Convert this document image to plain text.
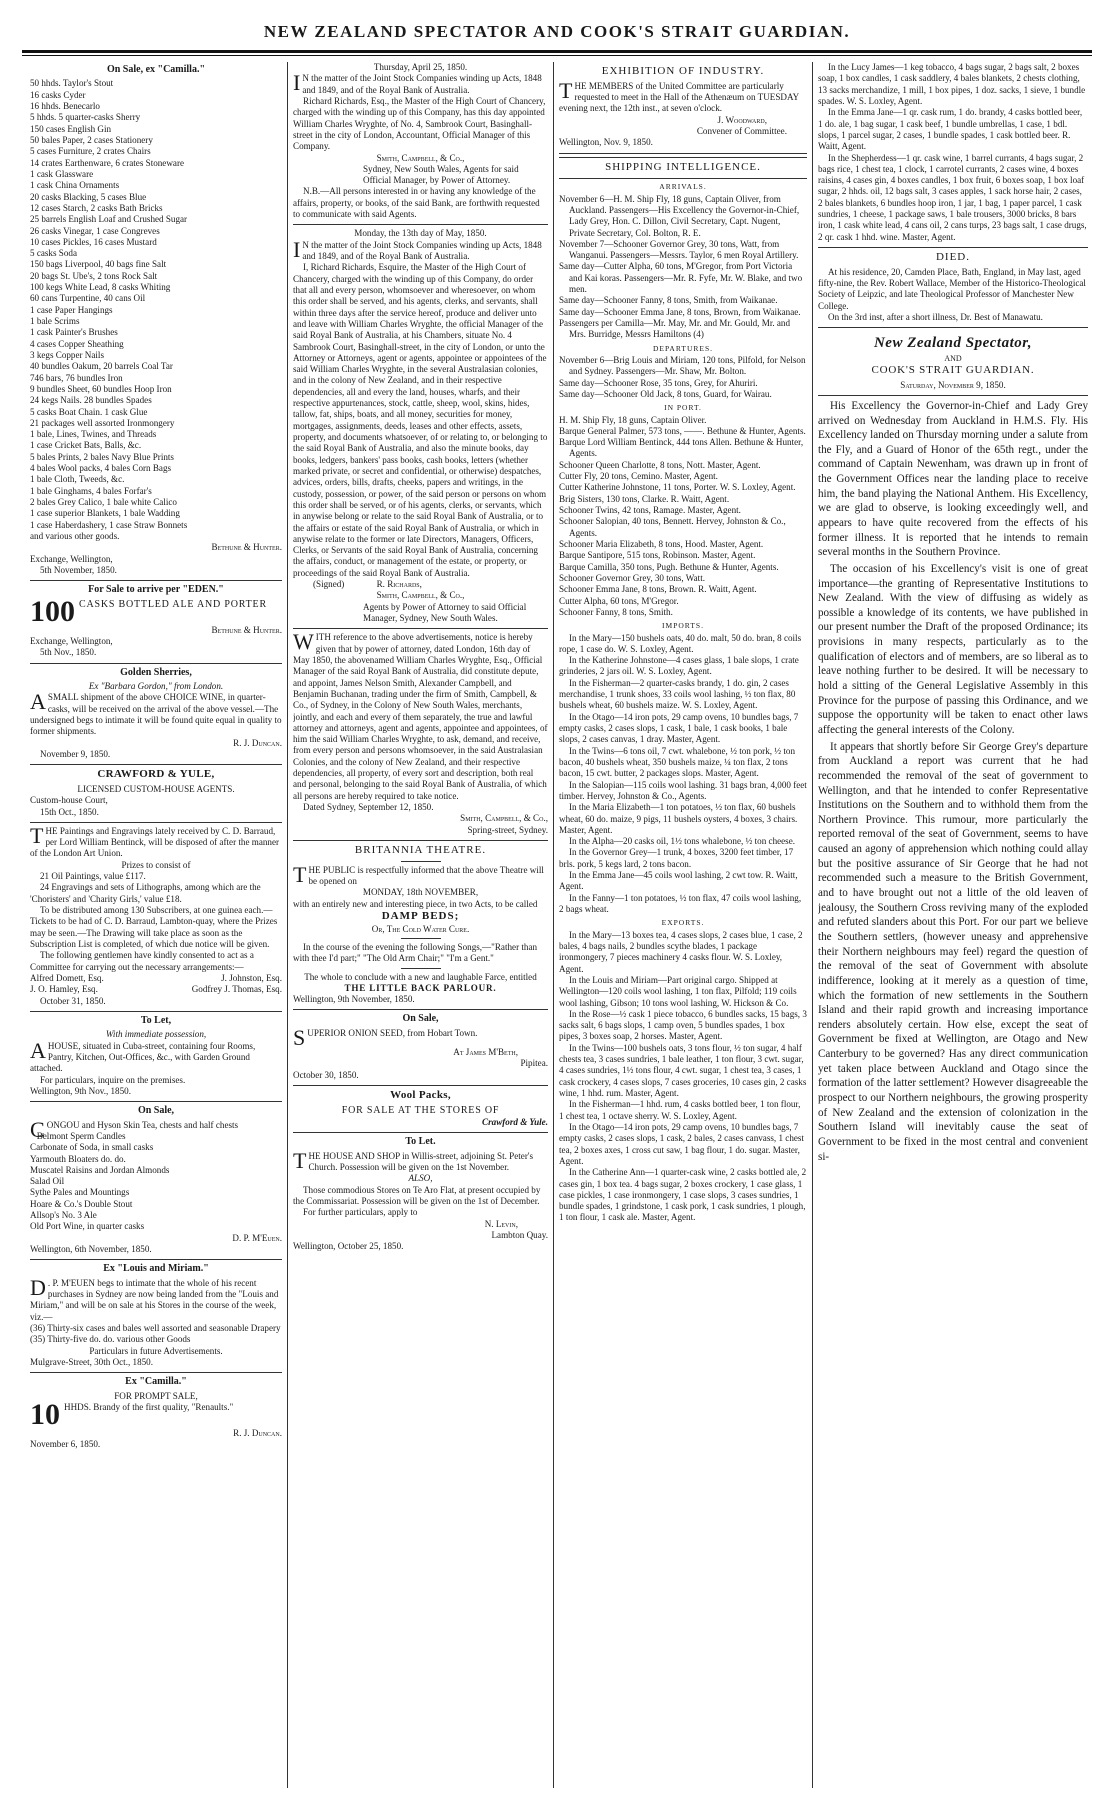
NEW ZEALAND SPECTATOR AND COOK'S STRAIT GUARDIAN.
On Sale, ex "Camilla."

50 hhds. Taylor's Stout

16 casks Cyder

16 hhds. Benecarlo

5 hhds. 5 quarter-casks Sherry

150 cases English Gin

50 bales Paper, 2 cases Stationery

5 cases Furniture, 2 crates Chairs

14 crates Earthenware, 6 crates Stoneware

1 cask Glassware

1 cask China Ornaments

20 casks Blacking, 5 cases Blue

12 cases Starch, 2 casks Bath Bricks

25 barrels English Loaf and Crushed Sugar

26 casks Vinegar, 1 case Congreves

10 cases Pickles, 16 cases Mustard

5 casks Soda

150 bags Liverpool, 40 bags fine Salt

20 bags St. Ube's, 2 tons Rock Salt

100 kegs White Lead, 8 casks Whiting

60 cans Turpentine, 40 cans Oil

1 case Paper Hangings

1 bale Scrims

1 cask Painter's Brushes

4 cases Copper Sheathing

3 kegs Copper Nails

40 bundles Oakum, 20 barrels Coal Tar

746 bars, 76 bundles Iron

9 bundles Sheet, 60 bundles Hoop Iron

24 kegs Nails. 28 bundles Spades

5 casks Boat Chain. 1 cask Glue

21 packages well assorted Ironmongery

1 bale, Lines, Twines, and Threads

1 case Cricket Bats, Balls, &c.

5 bales Prints, 2 bales Navy Blue Prints

4 bales Wool packs, 4 bales Corn Bags

1 bale Cloth, Tweeds, &c.

1 bale Ginghams, 4 bales Forfar's

2 bales Grey Calico, 1 bale white Calico

1 case superior Blankets, 1 bale Wadding

1 case Haberdashery, 1 case Straw Bonnets

and various other goods.

Bethune & Hunter.

Exchange, Wellington,

5th November, 1850.

For Sale to arrive per "EDEN."
100 CASKS BOTTLED ALE AND PORTER

Bethune & Hunter.

Exchange, Wellington,

5th Nov., 1850.

Golden Sherries,

Ex "Barbara Gordon," from London.

ASMALL shipment of the above CHOICE WINE, in quarter-casks, will be received on the arrival of the above vessel.—The undersigned begs to intimate it will be found quite equal in quality to former shipments.

R. J. Duncan.

November 9, 1850.

CRAWFORD & YULE,

LICENSED CUSTOM-HOUSE AGENTS.

Custom-house Court,

15th Oct., 1850.

THE Paintings and Engravings lately received by C. D. Barraud, per Lord William Bentinck, will be disposed of after the manner of the London Art Union.

Prizes to consist of

21 Oil Paintings, value £117.

24 Engravings and sets of Lithographs, among which are the 'Choristers' and 'Charity Girls,' value £18.

To be distributed among 130 Subscribers, at one guinea each.—Tickets to be had of C. D. Barraud, Lambton-quay, where the Prizes may be seen.—The Drawing will take place as soon as the Subscription List is completed, of which due notice will be given.

The following gentlemen have kindly consented to act as a Committee for carrying out the necessary arrangements:—

Alfred Domett, Esq.	J. Johnston, Esq.
J. O. Hamley, Esq.	Godfrey J. Thomas, Esq.

October 31, 1850.

To Let,

With immediate possession,

AHOUSE, situated in Cuba-street, containing four Rooms, Pantry, Kitchen, Out-Offices, &c., with Garden Ground attached.

For particulars, inquire on the premises.

Wellington, 9th Nov., 1850.

On Sale,

CONGOU and Hyson Skin Tea, chests and half chests

Belmont Sperm Candles

Carbonate of Soda, in small casks

Yarmouth Bloaters do. do.

Muscatel Raisins and Jordan Almonds

Salad Oil

Sythe Pales and Mountings

Hoare & Co.'s Double Stout

Allsop's No. 3 Ale

Old Port Wine, in quarter casks

D. P. M'Euen.

Wellington, 6th November, 1850.

Ex "Louis and Miriam."

D . P. M'EUEN begs to intimate that the whole of his recent purchases in Sydney are now being landed from the "Louis and Miriam," and will be on sale at his Stores in the course of the week, viz.—

(36) Thirty-six cases and bales well assorted and seasonable Drapery

(35) Thirty-five do. do. various other Goods

Particulars in future Advertisements.

Mulgrave-Street, 30th Oct., 1850.

Ex "Camilla."

FOR PROMPT SALE,

10 HHDS. Brandy of the first quality, "Renaults."

R. J. Duncan.

November 6, 1850.

Thursday, April 25, 1850.

I N the matter of the Joint Stock Companies winding up Acts, 1848 and 1849, and of the Royal Bank of Australia.

Richard Richards, Esq., the Master of the High Court of Chancery, charged with the winding up of this Company, has this day appointed William Charles Wryghte, of No. 4, Sambrook Court, Basinghall-street in the city of London, Accountant, Official Manager of this Company.

Smith, Campbell, & Co.,

Sydney, New South Wales, Agents for said Official Manager, by Power of Attorney.

N.B.—All persons interested in or having any knowledge of the affairs, property, or books, of the said Bank, are forthwith requested to communicate with said Agents.

Monday, the 13th day of May, 1850.

I N the matter of the Joint Stock Companies winding up Acts, 1848 and 1849, and of the Royal Bank of Australia.

I, Richard Richards, Esquire, the Master of the High Court of Chancery, charged with the winding up of this Company, do order that all and every person, whomsoever and wheresoever, on whom this order shall be served, and his agents, clerks, and servants, shall within three days after the service hereof, produce and deliver unto and leave with William Charles Wryghte, the official Manager of the said Royal Bank of Australia, at his Chambers, situate No. 4 Sambrook Court, Basinghall-street, in the city of London, or unto the Attorney or Attorneys, agent or agents, appointee or appointees of the said William Charles Wryghte, in the several Australasian colonies, and in the colony of New Zealand, and in their respective dependencies, all and every the land, houses, wharfs, and their respective appurtenances, stock, cattle, sheep, wool, skins, hides, tallow, fat, ships, boats, and all money, securities for money, mortgages, assignments, deeds, leases and other effects, assets, property, and documents whatsoever, of or relating to, or belonging to the said Royal Bank of Australia, and also the minute books, day books, ledgers, bankers' pass books, cash books, letters (whether marked private, or secret and confidential, or otherwise) despatches, advices, orders, bills, drafts, cheeks, papers and writings, in the custody, possession, or power, of the said person or persons on whom this order shall be served, or of his agents, clerks, or servants, which in anywise belong or relate to the said Royal Bank of Australia, or to the affairs or estate of the said Royal Bank of Australia, or which in anywise relate to the former or late Directors, Managers, Officers, Clerks, or Servants of the said Royal Bank of Australia, concerning the affairs, conduct, or management of the estate, or property, or proceedings of the said Royal Bank of Australia.

(Signed)	R. Richards,

Smith, Campbell, & Co.,

Agents by Power of Attorney to said Official Manager, Sydney, New South Wales.

WITH reference to the above advertisements, notice is hereby given that by power of attorney, dated London, 16th day of May 1850, the abovenamed William Charles Wryghte, Esq., Official Manager of the said Royal Bank of Australia, did constitute depute, and appoint, James Nelson Smith, Alexander Campbell, and Benjamin Buchanan, trading under the firm of Smith, Campbell, & Co., of Sydney, in the Colony of New South Wales, merchants, jointly, and each and every of them separately, the true and lawful attorney and attorneys, agent and agents, appointee and appointees, of him the said William Charles Wryghte, to ask, demand, and receive, from every person and persons whomsoever, in the said Australasian Colonies, and the colony of New Zealand, and their respective dependencies, all property, of every sort and description, both real and personal, belonging to the said Royal Bank of Australia, of which all persons are hereby required to take notice.

Dated Sydney, September 12, 1850.

Smith, Campbell, & Co.,

Spring-street, Sydney.

BRITANNIA THEATRE.

THE PUBLIC is respectfully informed that the above Theatre will be opened on

MONDAY, 18th NOVEMBER,

with an entirely new and interesting piece, in two Acts, to be called

DAMP BEDS;

Or, The Cold Water Cure.

In the course of the evening the following Songs,—"Rather than with thee I'd part;" "The Old Arm Chair;" "I'm a Gent."

The whole to conclude with a new and laughable Farce, entitled

THE LITTLE BACK PARLOUR.

Wellington, 9th November, 1850.

On Sale,

SUPERIOR ONION SEED, from Hobart Town.

At James M'Beth,

Pipitea.

October 30, 1850.

Wool Packs,

FOR SALE AT THE STORES OF

Crawford & Yule.

To Let.

THE HOUSE AND SHOP in Willis-street, adjoining St. Peter's Church. Possession will be given on the 1st November.

ALSO,

Those commodious Stores on Te Aro Flat, at present occupied by the Commissariat. Possession will be given on the 1st of December.

For further particulars, apply to

N. Levin,

Lambton Quay.

Wellington, October 25, 1850.

EXHIBITION OF INDUSTRY.

THE MEMBERS of the United Committee are particularly requested to meet in the Hall of the Athenæum on TUESDAY evening next, the 12th inst., at seven o'clock.

J. Woodward,

Convener of Committee.

Wellington, Nov. 9, 1850.

SHIPPING INTELLIGENCE.
ARRIVALS.

November 6—H. M. Ship Fly, 18 guns, Captain Oliver, from Auckland. Passengers—His Excellency the Governor-in-Chief, Lady Grey, Hon. C. Dillon, Civil Secretary, Capt. Nugent, Private Secretary, Col. Bolton, R. E.

November 7—Schooner Governor Grey, 30 tons, Watt, from Wanganui. Passengers—Messrs. Taylor, 6 men Royal Artillery.

Same day—Cutter Alpha, 60 tons, M'Gregor, from Port Victoria and Kai koras. Passengers—Mr. R. Fyfe, Mr. W. Blake, and two men.

Same day—Schooner Fanny, 8 tons, Smith, from Waikanae.

Same day—Schooner Emma Jane, 8 tons, Brown, from Waikanae.

Passengers per Camilla—Mr. May, Mr. and Mr. Gould, Mr. and Mrs. Burridge, Messrs Hamiltons (4)

DEPARTURES.

November 6—Brig Louis and Miriam, 120 tons, Pilfold, for Nelson and Sydney. Passengers—Mr. Shaw, Mr. Bolton.

Same day—Schooner Rose, 35 tons, Grey, for Ahuriri.

Same day—Schooner Old Jack, 8 tons, Guard, for Wairau.

IN PORT.

H. M. Ship Fly, 18 guns, Captain Oliver.

Barque General Palmer, 573 tons, ——. Bethune & Hunter, Agents.

Barque Lord William Bentinck, 444 tons Allen. Bethune & Hunter, Agents.

Schooner Queen Charlotte, 8 tons, Nott. Master, Agent.

Cutter Fly, 20 tons, Cemino. Master, Agent.

Cutter Katherine Johnstone, 11 tons, Porter. W. S. Loxley, Agent.

Brig Sisters, 130 tons, Clarke. R. Waitt, Agent.

Schooner Twins, 42 tons, Ramage. Master, Agent.

Schooner Salopian, 40 tons, Bennett. Hervey, Johnston & Co., Agents.

Schooner Maria Elizabeth, 8 tons, Hood. Master, Agent.

Barque Santipore, 515 tons, Robinson. Master, Agent.

Barque Camilla, 350 tons, Pugh. Bethune & Hunter, Agents.

Schooner Governor Grey, 30 tons, Watt.

Schooner Emma Jane, 8 tons, Brown. R. Waitt, Agent.

Cutter Alpha, 60 tons, M'Gregor.

Schooner Fanny, 8 tons, Smith.

IMPORTS.

In the Mary—150 bushels oats, 40 do. malt, 50 do. bran, 8 coils rope, 1 case do. W. S. Loxley, Agent.

In the Katherine Johnstone—4 cases glass, 1 bale slops, 1 crate grinderies, 2 jars oil. W. S. Loxley, Agent.

In the Fisherman—2 quarter-casks brandy, 1 do. gin, 2 cases merchandise, 1 trunk shoes, 33 coils wool lashing, ½ ton flax, 80 bushels wheat, 60 bushels maize. W. S. Loxley, Agent.

In the Otago—14 iron pots, 29 camp ovens, 10 bundles bags, 7 empty casks, 2 cases slops, 1 cask, 1 bale, 1 cask books, 1 bale slops, 2 cases canvas, 1 dray. Master, Agent.

In the Twins—6 tons oil, 7 cwt. whalebone, ½ ton pork, ½ ton bacon, 40 bushels wheat, 350 bushels maize, ¼ ton flax, 2 tons bacon, 15 cwt. butter, 2 packages slops. Master, Agent.

In the Salopian—115 coils wool lashing. 31 bags bran, 4,000 feet timber. Hervey, Johnston & Co., Agents.

In the Maria Elizabeth—1 ton potatoes, ½ ton flax, 60 bushels wheat, 60 do. maize, 9 pigs, 11 bushels oysters, 4 boxes, 3 chairs. Master, Agent.

In the Alpha—20 casks oil, 1½ tons whalebone, ½ ton cheese.

In the Governor Grey—1 trunk, 4 boxes, 3200 feet timber, 17 brls. pork, 5 kegs lard, 2 tons bacon.

In the Emma Jane—45 coils wool lashing, 2 cwt tow. R. Waitt, Agent.

In the Fanny—1 ton potatoes, ½ ton flax, 47 coils wool lashing, 2 bags wheat.

EXPORTS.

In the Mary—13 boxes tea, 4 cases slops, 2 cases blue, 1 case, 2 bales, 4 bags nails, 2 bundles scythe blades, 1 package ironmongery, 7 pieces machinery 4 casks flour. W. S. Loxley, Agent.

In the Louis and Miriam—Part original cargo. Shipped at Wellington—120 coils wool lashing, 1 ton flax, Pilfold; 119 coils wool lashing, Gibson; 10 tons wool lashing, W. Hickson & Co.

In the Rose—½ cask 1 piece tobacco, 6 bundles sacks, 15 bags, 3 sacks salt, 6 bags slops, 1 camp oven, 5 bundles spades, 1 box pipes, 3 boxes soap, 2 horses. Master, Agent.

In the Twins—100 bushels oats, 3 tons flour, ½ ton sugar, 4 half chests tea, 3 cases sundries, 1 bale leather, 1 ton flour, 3 cwt. sugar, 4 cases sundries, 1½ tons flour, 4 cwt. sugar, 1 chest tea, 3 cases, 1 cask crockery, 4 cases slops, 7 cases groceries, 10 cases gin, 2 casks wine, 1 hhd. rum. Master, Agent.

In the Fisherman—1 hhd. rum, 4 casks bottled beer, 1 ton flour, 1 chest tea, 1 octave sherry. W. S. Loxley, Agent.

In the Otago—14 iron pots, 29 camp ovens, 10 bundles bags, 7 empty casks, 2 cases slops, 1 cask, 2 bales, 2 cases canvass, 1 chest tea, 2 boxes axes, 1 cross cut saw, 1 bag flour, 1 do. sugar. Master, Agent.

In the Catherine Ann—1 quarter-cask wine, 2 casks bottled ale, 2 cases gin, 1 box tea. 4 bags sugar, 2 boxes crockery, 1 case glass, 1 case pickles, 1 case ironmongery, 1 case slops, 3 cases sundries, 1 bundle spades, 1 grindstone, 1 cask pork, 1 cask sundries, 1 plough, 1 ton flour, 1 cask ale. Master, Agent.

In the Lucy James—1 keg tobacco, 4 bags sugar, 2 bags salt, 2 boxes soap, 1 box candles, 1 cask saddlery, 4 bales blankets, 2 chests clothing, 13 sacks merchandize, 1 mill, 1 box pipes, 1 doz. sacks, 1 sieve, 1 bundle spades. W. S. Loxley, Agent.

In the Emma Jane—1 qr. cask rum, 1 do. brandy, 4 casks bottled beer, 1 do. ale, 1 bag sugar, 1 cask beef, 1 bundle umbrellas, 1 case, 1 bdl. slops, 1 parcel sugar, 2 cases, 1 bundle spades, 1 cask bottled beer. R. Waitt, Agent.

In the Shepherdess—1 qr. cask wine, 1 barrel currants, 4 bags sugar, 2 bags rice, 1 chest tea, 1 clock, 1 carrotel currants, 2 cases wine, 4 boxes raisins, 4 cases gin, 4 boxes candles, 1 box fruit, 6 boxes soap, 1 box loaf sugar, 2 hhds. oil, 12 bags salt, 3 cases apples, 1 sack horse hair, 2 cases, 2 bales blankets, 6 bundles hoop iron, 1 jar, 1 bag, 1 paper parcel, 1 cask sundries, 1 cheese, 1 package saws, 1 bale trousers, 3000 bricks, 8 bars iron, 1 cask white lead, 4 cans oil, 2 cans turps, 23 bags salt, 1 case drugs, 2 qr. cask 1 hhd. wine. Master, Agent.

DIED.

At his residence, 20, Camden Place, Bath, England, in May last, aged fifty-nine, the Rev. Robert Wallace, Member of the Historico-Theological Society of Leipzic, and late Theological Professor of Manchester New College.

On the 3rd inst, after a short illness, Dr. Best of Manawatu.

New Zealand Spectator,

AND

COOK'S STRAIT GUARDIAN.

Saturday, November 9, 1850.

His Excellency the Governor-in-Chief and Lady Grey arrived on Wednesday from Auckland in H.M.S. Fly. His Excellency landed on Thursday morning under a salute from the Fly, and a Guard of Honor of the 65th regt., under the command of Captain Newenham, was drawn up in front of the Government Offices near the landing place to receive him, the band playing the National Anthem. His Excellency, we are glad to observe, is looking exceedingly well, and appears to have quite recovered from the effects of his former illness. It is reported that he intends to remain several months in the Southern Province.

The occasion of his Excellency's visit is one of great importance—the granting of Representative Institutions to New Zealand. With the view of diffusing as widely as possible a knowledge of its contents, we have published in our present number the Draft of the proposed Ordinance; its provisions in many respects, particularly as to the qualification of electors and of members, are so liberal as to leave nothing further to be desired. It will be necessary to hold a sitting of the General Legislative Assembly in this Province for the purpose of passing this Ordinance, and we suppose the opportunity will be taken to enact other laws affecting the general interests of the Colony.

It appears that shortly before Sir George Grey's departure from Auckland a report was current that he had recommended the removal of the seat of government to Wellington, and that he intended to confer Representative Institutions on the Southern and to withhold them from the Northern Province. This rumour, more particularly the reported removal of the seat of Government, seems to have caused an agony of apprehension which nothing could allay but the positive assurance of Sir George that he had not recommended such a measure to the British Government, and to have brought out not a little of the old leaven of jealousy, the Southern Cross reviving many of the exploded and refuted slanders about this Port. For our part we believe the Southern settlers, (however uneasy and apprehensive their Northern neighbours may feel) regard the question of the removal of the seat of Government with absolute indifference, looking at it merely as a question of time, which the formation of new settlements in the Southern Island and their rapid growth and increasing importance renders absolutely certain. How else, except the seat of Government be fixed at Wellington, are Otago and New Canterbury to be governed? Has any direct communication yet taken place between Auckland and Otago since the formation of the latter settlement? However disagreeable the prospect to our Northern neighbours, the growing prosperity of New Zealand and the extension of colonization in the Southern Island will inevitably cause the seat of Government to be fixed in the most central and convenient si-
